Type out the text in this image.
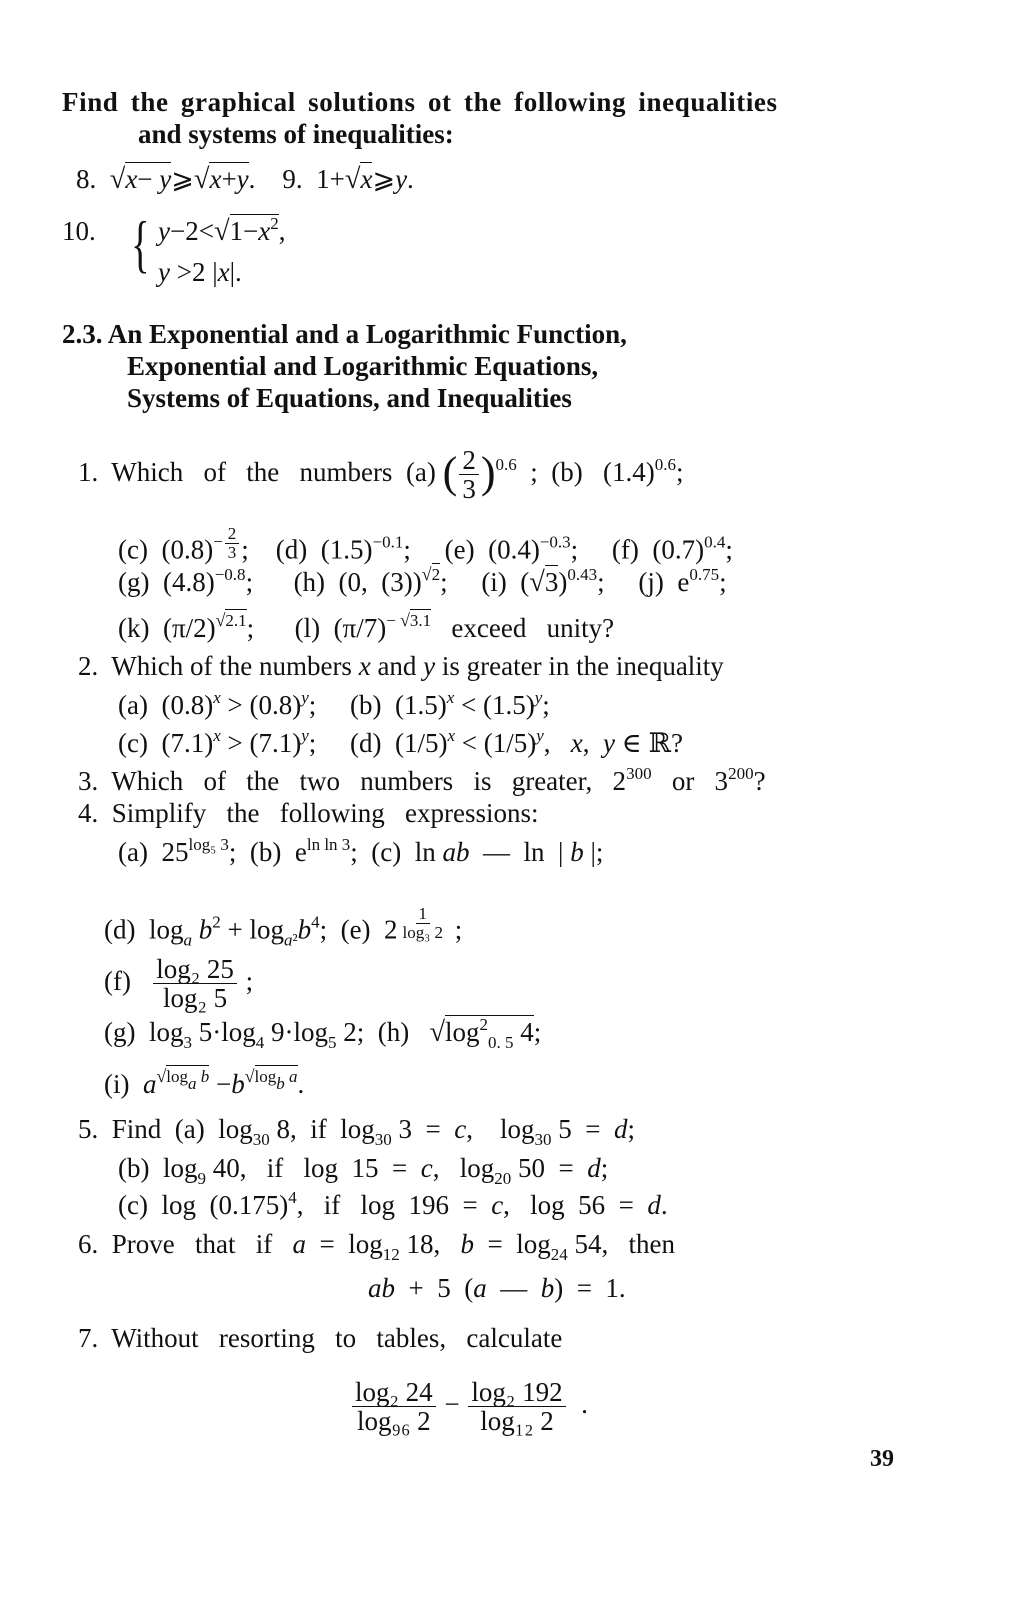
Find the graphical solutions ot the following inequalities
and systems of inequalities:
8.  √x− y⩾√x+y.    9.  1+√x⩾y.
10. { $y-2<√1-x^2$,
y >2 |x|.
2.3. An Exponential and a Logarithmic Function,
Exponential and Logarithmic Equations,
Systems of Equations, and Inequalities
1.  Which   of   the   numbers  (a) ( $\frac{2}{3} )^{0.6}$  ;  (b)   $(1.4)^{0.6}$;
(c)  $(0.8)^{- \frac{2}{3}}$ ;    (d)  $(1.5)^{-0.1}$;     (e)  $(0.4)^{-0.3}$;     (f)  $(0.7)^{0.4}$;
(g)  $(4.8)^{-0.8}$;      (h)  (0,  (3))$^{√2}$;     (i)  $(√3)^{0.43}$;     (j)  $e^{0.75}$;
(k)  $(\pi/2)^{√2.1}$;      (l)  $(\pi/7)^{- √3.1}$   exceed   unity?
2.  Which of the numbers x and y is greater in the inequality
(a)  $(0.8)^x > (0.8)^y$;     (b)  $(1.5)^x < (1.5)^y$;
(c)  $(7.1)^x > (7.1)^y$;     (d)  $(1/5)^x < (1/5)^y$,   x,  y ∈ ℝ?
3.  Which   of   the   two   numbers   is   greater,   $2^{300}$   or   $3^{200}$?
4.  Simplify   the   following   expressions:
(a)  $25^{log_5 3}$;  (b)  $e^{ln ln 3}$;  (c)  ln ab  —  ln  | b |;
(d)  $\log_a b^2 + \log_{a^2}b^4$;  (e)  2 $^{\frac{1}{\text{log₃ 2}}}$ ;
$(f) \frac{\text{log₂ 25}}{\text{log₂ 5}}$ ;
(g)  $\log_3 5\cdot\log_4$ $9\cdot\log_5$ 2;  (h)   $√\log^2_{0. 5}$ 4;
(i)  $a^{√loga b} -b^{√logb a}$.
5.  Find  (a)  $\log_{30} 8$,  if  $\log_{30} 3 = c$,    $\log_{30} 5 = d$;
(b)  $\log_9 40$,   if   log  15  =  c,   $\log_{20} 50 = d$;
(c)  $\log (0.175)^4$,   if   log  196  =  c,   log  56  =  d.
6.  Prove   that   if   $a = \log_{12} 18$,   $b = \log_{24} 54$,   then
ab  +  5  (a  —  b)  =  1.
7.  Without   resorting   to   tables,   calculate
$\frac{\text{log₂ 24}}{\text{log₉₆ 2}} - \frac{\text{log₂ 192}}{\text{log₁₂ 2}}$ .
39
